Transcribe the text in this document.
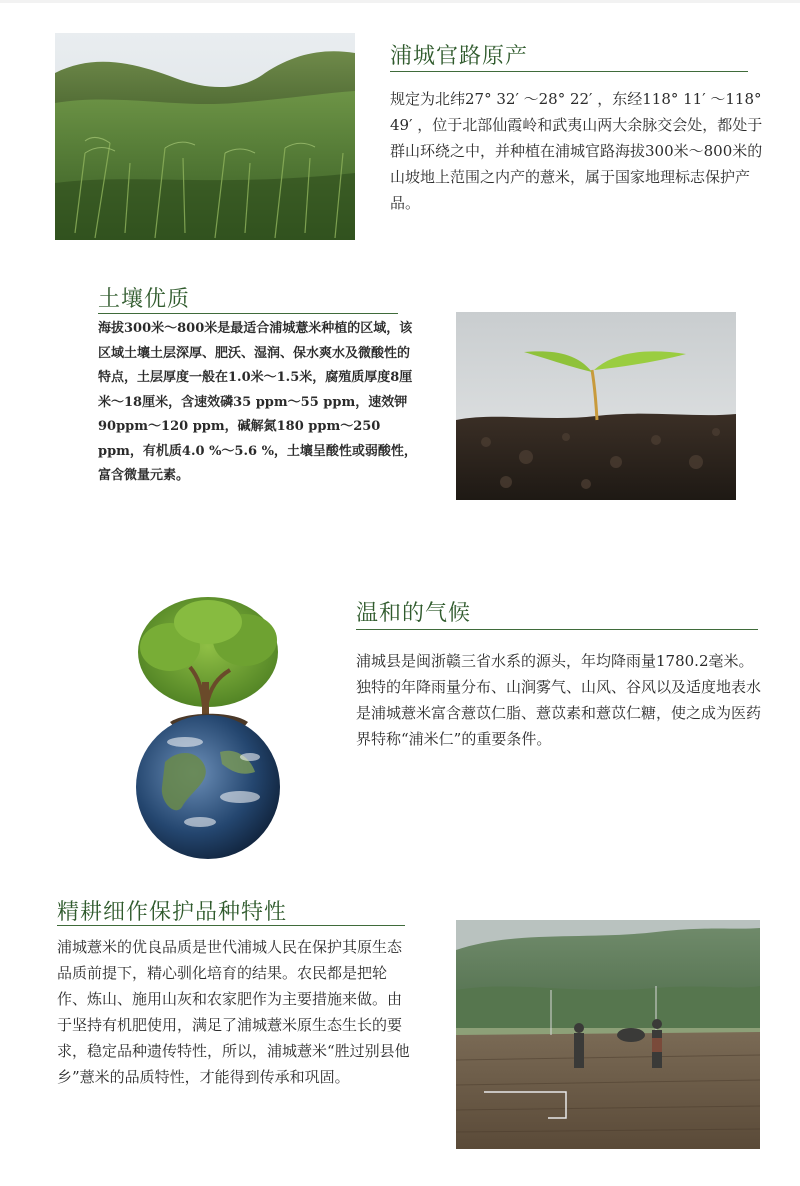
浦城官路原产

规定为北纬27° 32′ ～28° 22′ ，东经118° 11′ ～118° 49′ ，位于北部仙霞岭和武夷山两大余脉交会处，都处于群山环绕之中，并种植在浦城官路海拔300米～800米的山坡地上范围之内产的薏米，属于国家地理标志保护产品。

土壤优质

海拔300米～800米是最适合浦城薏米种植的区域，该区域土壤土层深厚、肥沃、湿润、保水爽水及微酸性的特点，土层厚度一般在1.0米～1.5米，腐殖质厚度8厘米～18厘米，含速效磷35 ppm～55 ppm，速效钾90ppm～120 ppm，碱解氮180 ppm～250 ppm，有机质4.0 %～5.6 %，土壤呈酸性或弱酸性，富含微量元素。

温和的气候

浦城县是闽浙赣三省水系的源头，年均降雨量1780.2毫米。独特的年降雨量分布、山涧雾气、山风、谷风以及适度地表水是浦城薏米富含薏苡仁脂、薏苡素和薏苡仁糖，使之成为医药界特称“浦米仁”的重要条件。

精耕细作保护品种特性

浦城薏米的优良品质是世代浦城人民在保护其原生态品质前提下，精心驯化培育的结果。农民都是把轮作、炼山、施用山灰和农家肥作为主要措施来做。由于坚持有机肥使用，满足了浦城薏米原生态生长的要求，稳定品种遗传特性，所以，浦城薏米“胜过别县他乡”薏米的品质特性，才能得到传承和巩固。
